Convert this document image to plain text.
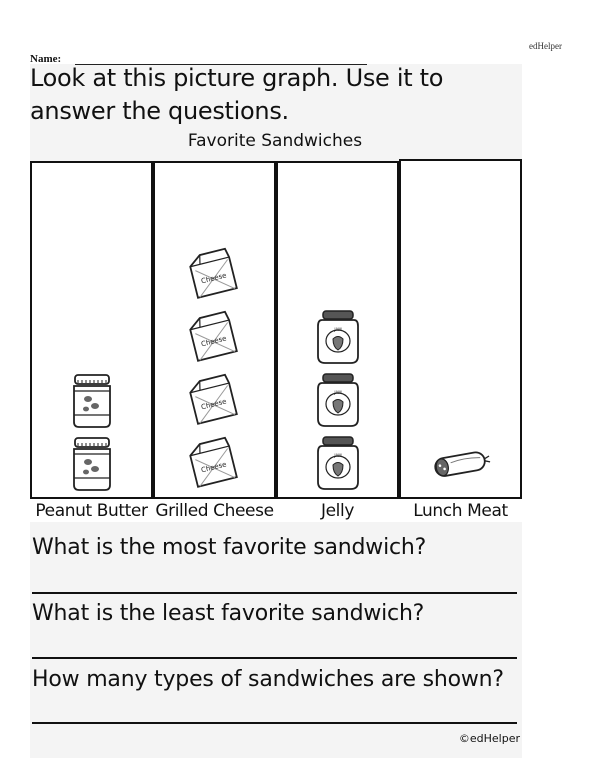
edHelper
Name:
Look at this picture graph. Use it to answer the questions.
Favorite Sandwiches
Peanut Butter
Cheese
Cheese
Cheese
Cheese
Grilled Cheese
JAM
JAM
JAM
Jelly	Lunch Meat
What is the most favorite sandwich?
What is the least favorite sandwich?
How many types of sandwiches are shown?
©edHelper
